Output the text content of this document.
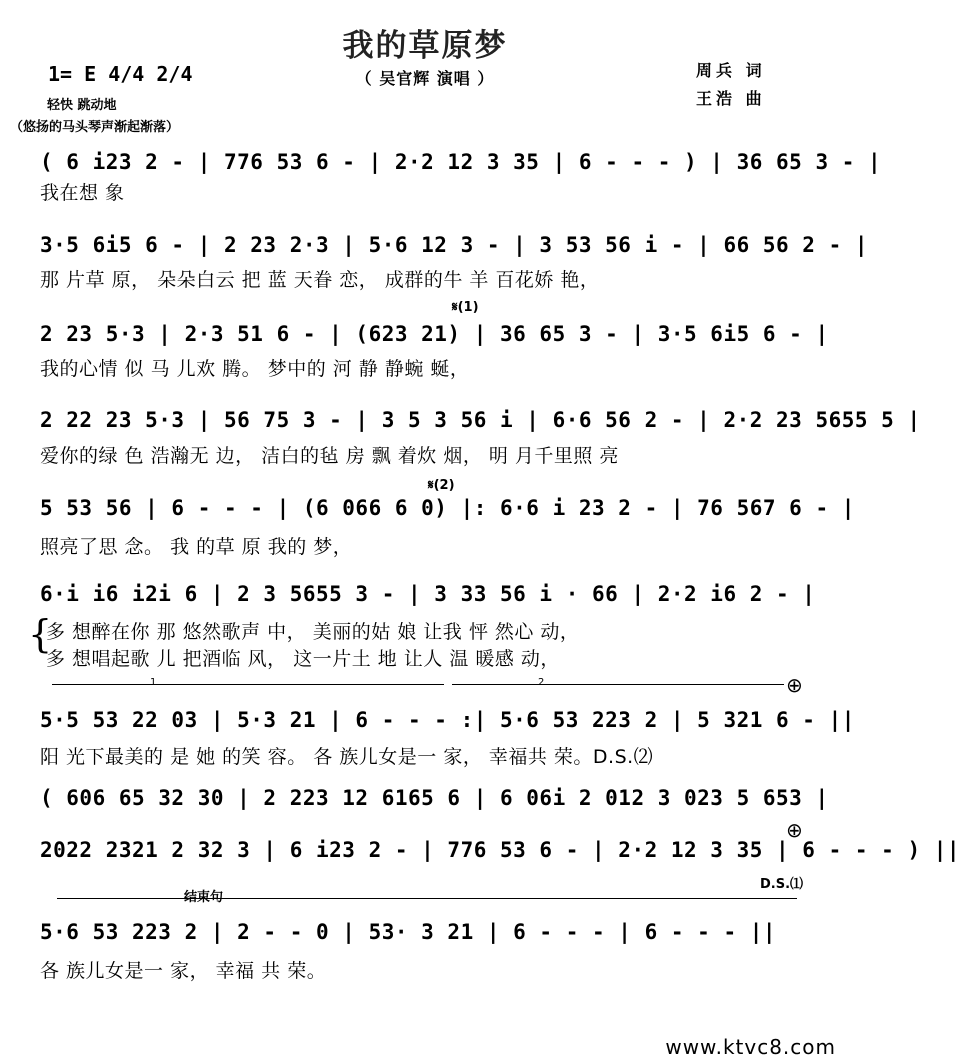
我的草原梦
（ 吴官辉 演唱 ）	周兵 词
王浩 曲
1= E 4/4 2/4
轻快 跳动地
（悠扬的马头琴声渐起渐落）
( 6 i23 2 - | 776 53 6 - | 2·2 12 3 35 | 6 - - - ) | 36 65 3 - |
我在想 象
3·5 6i5 6 - | 2 23 2·3 | 5·6 12 3 - | 3 53 56 i - | 66 56 2 - |
那 片草 原， 朵朵白云 把 蓝 天眷 恋， 成群的牛 羊 百花娇 艳，
𝄋(1)
2 23 5·3 | 2·3 51 6 - | (623 21) | 36 65 3 - | 3·5 6i5 6 - |
我的心情 似 马 儿欢 腾。 梦中的 河 静 静蜿 蜒，
2 22 23 5·3 | 56 75 3 - | 3 5 3 56 i | 6·6 56 2 - | 2·2 23 5655 5 |
爱你的绿 色 浩瀚无 边， 洁白的毡 房 飘 着炊 烟， 明 月千里照 亮
𝄋(2)
5 53 56 | 6 - - - | (6 066 6 0) |: 6·6 i 23 2 - | 76 567 6 - |
照亮了思 念。 我 的草 原 我的 梦，
6·i i6 i2i 6 | 2 3 5655 3 - | 3 33 56 i · 66 | 2·2 i6 2 - |
{
多 想醉在你 那 悠然歌声 中， 美丽的姑 娘 让我 怦 然心 动，
多 想唱起歌 儿 把酒临 风， 这一片土 地 让人 温 暖感 动，
1	2	⊕
5·5 53 22 03 | 5·3 21 | 6 - - - :| 5·6 53 223 2 | 5 321 6 - ||
阳 光下最美的 是 她 的笑 容。 各 族儿女是一 家， 幸福共 荣。D.S.⑵
( 606 65 32 30 | 2 223 12 6165 6 | 6 06i 2 012 3 023 5 653 |
⊕
2022 2321 2 32 3 | 6 i23 2 - | 776 53 6 - | 2·2 12 3 35 | 6 - - - ) ||
D.S.⑴
结束句
5·6 53 223 2 | 2 - - 0 | 53· 3 21 | 6 - - - | 6 - - - ||
各 族儿女是一 家， 幸福 共 荣。
www.ktvc8.com
